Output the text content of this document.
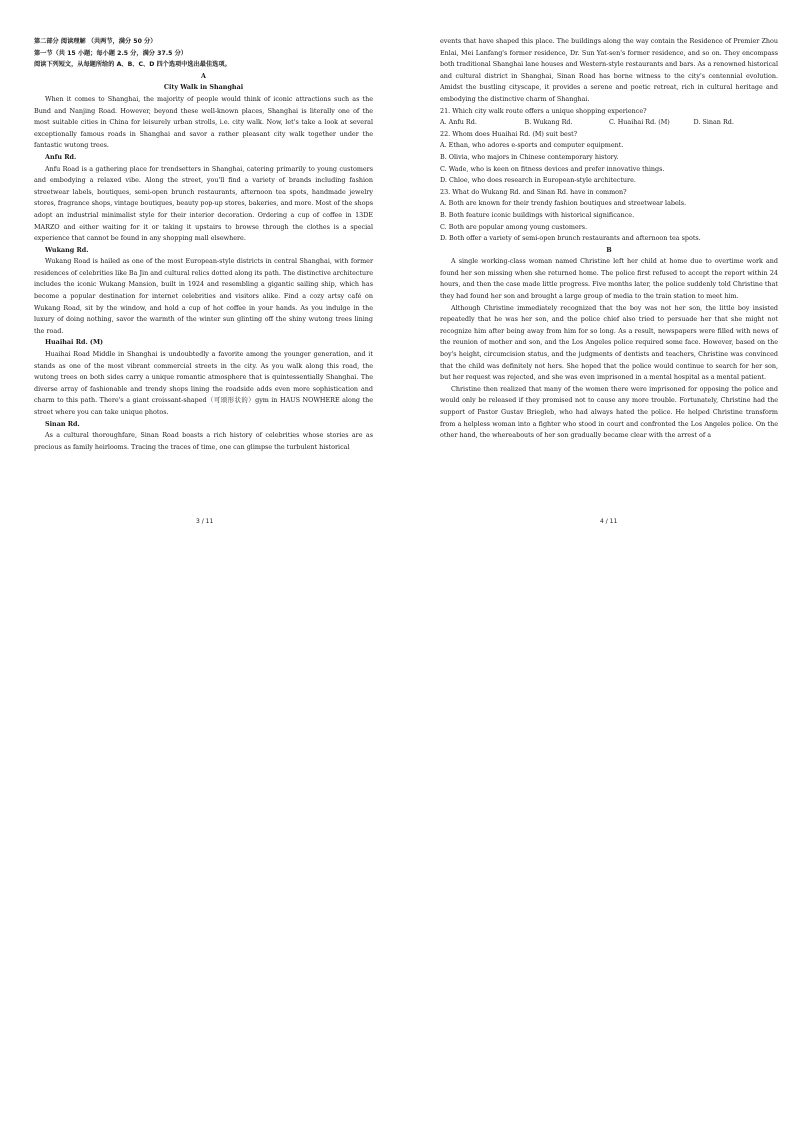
第二部分 阅读理解 （共两节，满分 50 分）

第一节（共 15 小题；每小题 2.5 分，满分 37.5 分）

阅读下列短文，从每题所给的 A、B、C、D 四个选项中选出最佳选项。

A

City Walk in Shanghai

When it comes to Shanghai, the majority of people would think of iconic attractions such as the Bund and Nanjing Road. However, beyond these well-known places, Shanghai is literally one of the most suitable cities in China for leisurely urban strolls, i.e. city walk. Now, let's take a look at several exceptionally famous roads in Shanghai and savor a rather pleasant city walk together under the fantastic wutong trees.

Anfu Rd.

Anfu Road is a gathering place for trendsetters in Shanghai, catering primarily to young customers and embodying a relaxed vibe. Along the street, you'll find a variety of brands including fashion streetwear labels, boutiques, semi-open brunch restaurants, afternoon tea spots, handmade jewelry stores, fragrance shops, vintage boutiques, beauty pop-up stores, bakeries, and more. Most of the shops adopt an industrial minimalist style for their interior decoration. Ordering a cup of coffee in 13DE MARZO and either waiting for it or taking it upstairs to browse through the clothes is a special experience that cannot be found in any shopping mall elsewhere.

Wukang Rd.

Wukang Road is hailed as one of the most European-style districts in central Shanghai, with former residences of celebrities like Ba Jin and cultural relics dotted along its path. The distinctive architecture includes the iconic Wukang Mansion, built in 1924 and resembling a gigantic sailing ship, which has become a popular destination for internet celebrities and visitors alike. Find a cozy artsy café on Wukang Road, sit by the window, and hold a cup of hot coffee in your hands. As you indulge in the luxury of doing nothing, savor the warmth of the winter sun glinting off the shiny wutong trees lining the road.

Huaihai Rd. (M)

Huaihai Road Middle in Shanghai is undoubtedly a favorite among the younger generation, and it stands as one of the most vibrant commercial streets in the city. As you walk along this road, the wutong trees on both sides carry a unique romantic atmosphere that is quintessentially Shanghai. The diverse array of fashionable and trendy shops lining the roadside adds even more sophistication and charm to this path. There's a giant croissant-shaped（可颂形状的）gym in HAUS NOWHERE along the street where you can take unique photos.

Sinan Rd.

As a cultural thoroughfare, Sinan Road boasts a rich history of celebrities whose stories are as precious as family heirlooms. Tracing the traces of time, one can glimpse the turbulent historical

3 / 11

events that have shaped this place. The buildings along the way contain the Residence of Premier Zhou Enlai, Mei Lanfang's former residence, Dr. Sun Yat-sen's former residence, and so on. They encompass both traditional Shanghai lane houses and Western-style restaurants and bars. As a renowned historical and cultural district in Shanghai, Sinan Road has borne witness to the city's centennial evolution. Amidst the bustling cityscape, it provides a serene and poetic retreat, rich in cultural heritage and embodying the distinctive charm of Shanghai.

21. Which city walk route offers a unique shopping experience?

A. Anfu Rd.	B. Wukang Rd.	C. Huaihai Rd. (M)	D. Sinan Rd.

22. Whom does Huaihai Rd. (M) suit best?

A. Ethan, who adores e-sports and computer equipment.

B. Olivia, who majors in Chinese contemporary history.

C. Wade, who is keen on fitness devices and prefer innovative things.

D. Chloe, who does research in European-style architecture.

23. What do Wukang Rd. and Sinan Rd. have in common?

A. Both are known for their trendy fashion boutiques and streetwear labels.

B. Both feature iconic buildings with historical significance.

C. Both are popular among young customers.

D. Both offer a variety of semi-open brunch restaurants and afternoon tea spots.

B

A single working-class woman named Christine left her child at home due to overtime work and found her son missing when she returned home. The police first refused to accept the report within 24 hours, and then the case made little progress. Five months later, the police suddenly told Christine that they had found her son and brought a large group of media to the train station to meet him.

Although Christine immediately recognized that the boy was not her son, the little boy insisted repeatedly that he was her son, and the police chief also tried to persuade her that she might not recognize him after being away from him for so long. As a result, newspapers were filled with news of the reunion of mother and son, and the Los Angeles police required some face. However, based on the boy's height, circumcision status, and the judgments of dentists and teachers, Christine was convinced that the child was definitely not hers. She hoped that the police would continue to search for her son, but her request was rejected, and she was even imprisoned in a mental hospital as a mental patient.

Christine then realized that many of the women there were imprisoned for opposing the police and would only be released if they promised not to cause any more trouble. Fortunately, Christine had the support of Pastor Gustav Briegleb, who had always hated the police. He helped Christine transform from a helpless woman into a fighter who stood in court and confronted the Los Angeles police. On the other hand, the whereabouts of her son gradually became clear with the arrest of a

4 / 11
